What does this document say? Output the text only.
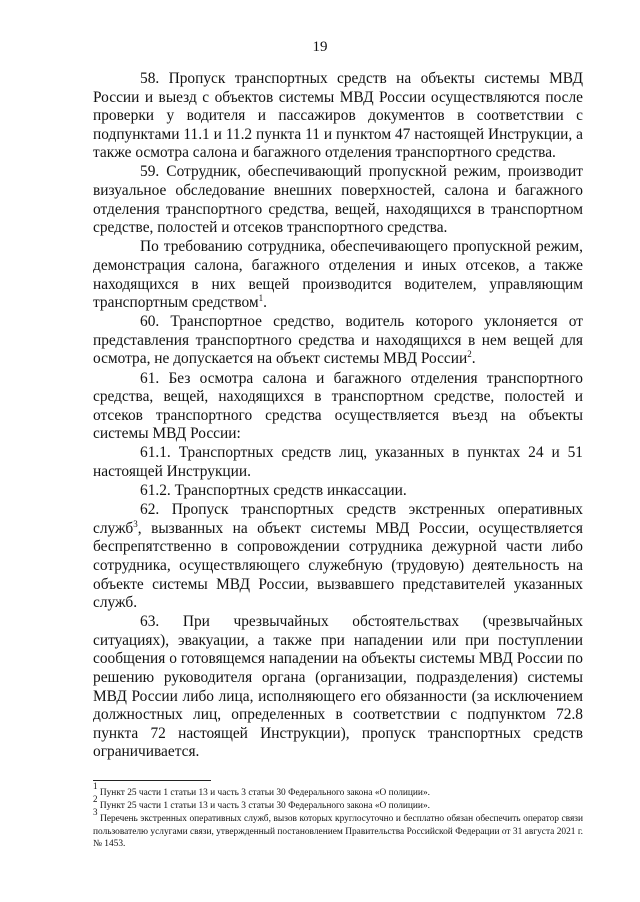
19

58. Пропуск транспортных средств на объекты системы МВД России и выезд с объектов системы МВД России осуществляются после проверки у водителя и пассажиров документов в соответствии с подпунктами 11.1 и 11.2 пункта 11 и пунктом 47 настоящей Инструкции, а также осмотра салона и багажного отделения транспортного средства.

59. Сотрудник, обеспечивающий пропускной режим, производит визуальное обследование внешних поверхностей, салона и багажного отделения транспортного средства, вещей, находящихся в транспортном средстве, полостей и отсеков транспортного средства.

По требованию сотрудника, обеспечивающего пропускной режим, демонстрация салона, багажного отделения и иных отсеков, а также находящихся в них вещей производится водителем, управляющим транспортным средством$^1$.

60. Транспортное средство, водитель которого уклоняется от представления транспортного средства и находящихся в нем вещей для осмотра, не допускается на объект системы МВД России$^2$.

61. Без осмотра салона и багажного отделения транспортного средства, вещей, находящихся в транспортном средстве, полостей и отсеков транспортного средства осуществляется въезд на объекты системы МВД России:

61.1. Транспортных средств лиц, указанных в пунктах 24 и 51 настоящей Инструкции.

61.2. Транспортных средств инкассации.

62. Пропуск транспортных средств экстренных оперативных служб$^3$, вызванных на объект системы МВД России, осуществляется беспрепятственно в сопровождении сотрудника дежурной части либо сотрудника, осуществляющего служебную (трудовую) деятельность на объекте системы МВД России, вызвавшего представителей указанных служб.

63. При чрезвычайных обстоятельствах (чрезвычайных ситуациях), эвакуации, а также при нападении или при поступлении сообщения о готовящемся нападении на объекты системы МВД России по решению руководителя органа (организации, подразделения) системы МВД России либо лица, исполняющего его обязанности (за исключением должностных лиц, определенных в соответствии с подпунктом 72.8 пункта 72 настоящей Инструкции), пропуск транспортных средств ограничивается.

$^1$ Пункт 25 части 1 статьи 13 и часть 3 статьи 30 Федерального закона «О полиции».

$^2$ Пункт 25 части 1 статьи 13 и часть 3 статьи 30 Федерального закона «О полиции».

$^3$ Перечень экстренных оперативных служб, вызов которых круглосуточно и бесплатно обязан обеспечить оператор связи пользователю услугами связи, утвержденный постановлением Правительства Российской Федерации от 31 августа 2021 г. № 1453.
